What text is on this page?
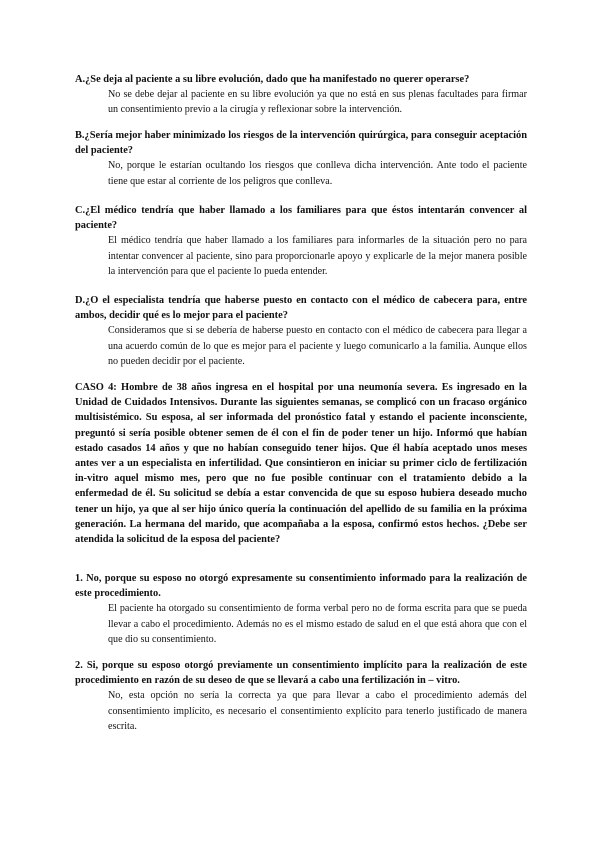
A.¿Se deja al paciente a su libre evolución, dado que ha manifestado no querer operarse?

No se debe dejar al paciente en su libre evolución ya que no está en sus plenas facultades para firmar un consentimiento previo a la cirugía y reflexionar sobre la intervención.

B.¿Sería mejor haber minimizado los riesgos de la intervención quirúrgica, para conseguir aceptación del paciente?

No, porque le estarían ocultando los riesgos que conlleva dicha intervención. Ante todo el paciente tiene que estar al corriente de los peligros que conlleva.

C.¿El médico tendría que haber llamado a los familiares para que éstos intentarán convencer al paciente?

El médico tendría que haber llamado a los familiares para informarles de la situación pero no para intentar convencer al paciente, sino para proporcionarle apoyo y explicarle de la mejor manera posible la intervención para que el paciente lo pueda entender.

D.¿O el especialista tendría que haberse puesto en contacto con el médico de cabecera para, entre ambos, decidir qué es lo mejor para el paciente?

Consideramos que si se debería de haberse puesto en contacto con el médico de cabecera para llegar a una acuerdo común de lo que es mejor para el paciente y luego comunicarlo a la familia. Aunque ellos no pueden decidir por el paciente.

CASO 4: Hombre de 38 años ingresa en el hospital por una neumonía severa. Es ingresado en la Unidad de Cuidados Intensivos. Durante las siguientes semanas, se complicó con un fracaso orgánico multisistémico. Su esposa, al ser informada del pronóstico fatal y estando el paciente inconsciente, preguntó si sería posible obtener semen de él con el fin de poder tener un hijo. Informó que habían estado casados 14 años y que no habían conseguido tener hijos. Que él había aceptado unos meses antes ver a un especialista en infertilidad. Que consintieron en iniciar su primer ciclo de fertilización in-vitro aquel mismo mes, pero que no fue posible continuar con el tratamiento debido a la enfermedad de él. Su solicitud se debía a estar convencida de que su esposo hubiera deseado mucho tener un hijo, ya que al ser hijo único quería la continuación del apellido de su familia en la próxima generación. La hermana del marido, que acompañaba a la esposa, confirmó estos hechos. ¿Debe ser atendida la solicitud de la esposa del paciente?

1. No, porque su esposo no otorgó expresamente su consentimiento informado para la realización de este procedimiento.

El paciente ha otorgado su consentimiento de forma verbal pero no de forma escrita para que se pueda llevar a cabo el procedimiento. Además no es el mismo estado de salud en el que está ahora que con el que dio su consentimiento.

2. Si, porque su esposo otorgó previamente un consentimiento implícito para la realización de este procedimiento en razón de su deseo de que se llevará a cabo una fertilización in – vitro.

No, esta opción no sería la correcta ya que para llevar a cabo el procedimiento además del consentimiento implícito, es necesario el consentimiento explícito para tenerlo justificado de manera escrita.
